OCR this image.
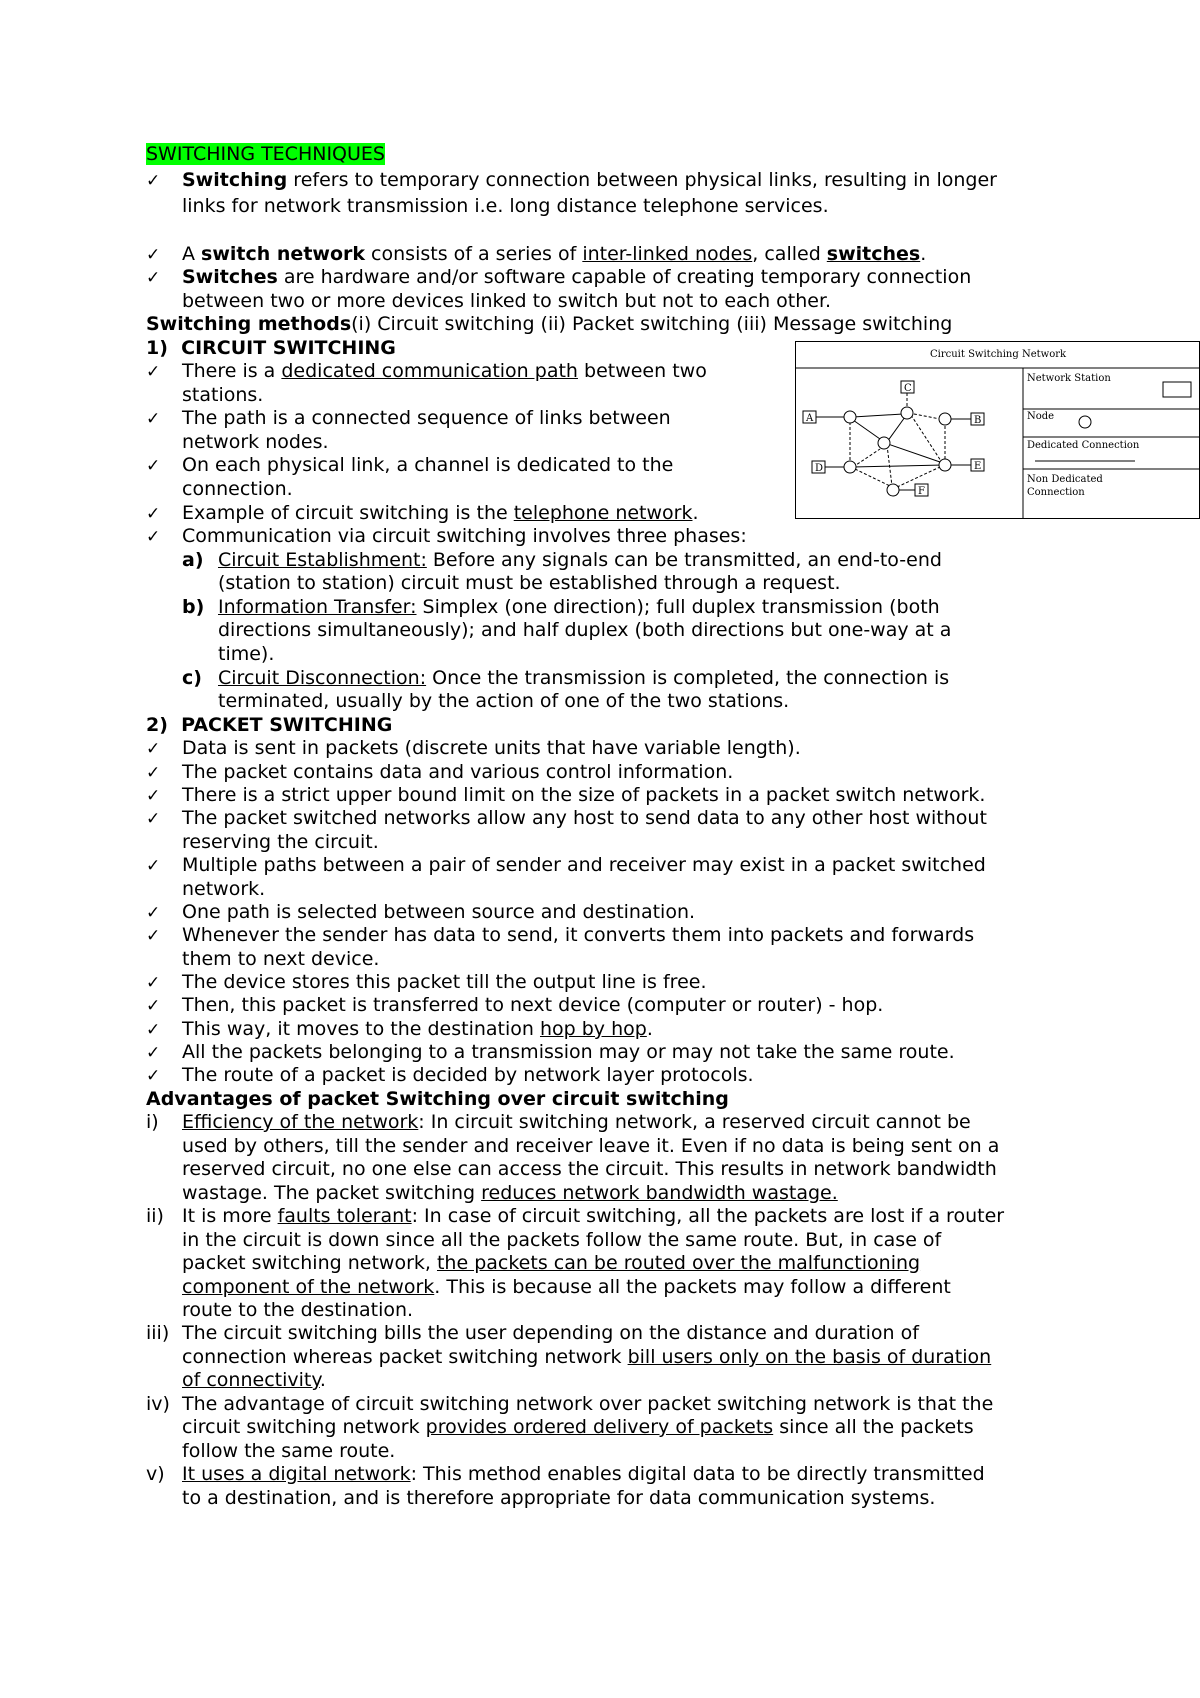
SWITCHING TECHNIQUES
✓ Switching refers to temporary connection between physical links, resulting in longer
links for network transmission i.e. long distance telephone services.
✓ A switch network consists of a series of inter-linked nodes, called switches.
✓ Switches are hardware and/or software capable of creating temporary connection
between two or more devices linked to switch but not to each other.
Switching methods(i) Circuit switching (ii) Packet switching (iii) Message switching
1) CIRCUIT SWITCHING
✓ There is a dedicated communication path between two
stations.
✓ The path is a connected sequence of links between
network nodes.
✓ On each physical link, a channel is dedicated to the
connection.
✓ Example of circuit switching is the telephone network.
✓ Communication via circuit switching involves three phases:
a) Circuit Establishment: Before any signals can be transmitted, an end-to-end
(station to station) circuit must be established through a request.
b) Information Transfer: Simplex (one direction); full duplex transmission (both
directions simultaneously); and half duplex (both directions but one-way at a
time).
c) Circuit Disconnection: Once the transmission is completed, the connection is
terminated, usually by the action of one of the two stations.
Circuit Switching Network
Network Station
Node
Dedicated Connection
Non Dedicated
Connection
A	B
C
D	E
F
2) PACKET SWITCHING
✓ Data is sent in packets (discrete units that have variable length).
✓ The packet contains data and various control information.
✓ There is a strict upper bound limit on the size of packets in a packet switch network.
✓ The packet switched networks allow any host to send data to any other host without
reserving the circuit.
✓ Multiple paths between a pair of sender and receiver may exist in a packet switched
network.
✓ One path is selected between source and destination.
✓ Whenever the sender has data to send, it converts them into packets and forwards
them to next device.
✓ The device stores this packet till the output line is free.
✓ Then, this packet is transferred to next device (computer or router) - hop.
✓ This way, it moves to the destination hop by hop.
✓ All the packets belonging to a transmission may or may not take the same route.
✓ The route of a packet is decided by network layer protocols.
Advantages of packet Switching over circuit switching
i) Efficiency of the network: In circuit switching network, a reserved circuit cannot be
used by others, till the sender and receiver leave it. Even if no data is being sent on a
reserved circuit, no one else can access the circuit. This results in network bandwidth
wastage. The packet switching reduces network bandwidth wastage.
ii) It is more faults tolerant: In case of circuit switching, all the packets are lost if a router
in the circuit is down since all the packets follow the same route. But, in case of
packet switching network, the packets can be routed over the malfunctioning
component of the network. This is because all the packets may follow a different
route to the destination.
iii) The circuit switching bills the user depending on the distance and duration of
connection whereas packet switching network bill users only on the basis of duration
of connectivity.
iv) The advantage of circuit switching network over packet switching network is that the
circuit switching network provides ordered delivery of packets since all the packets
follow the same route.
v) It uses a digital network: This method enables digital data to be directly transmitted
to a destination, and is therefore appropriate for data communication systems.
